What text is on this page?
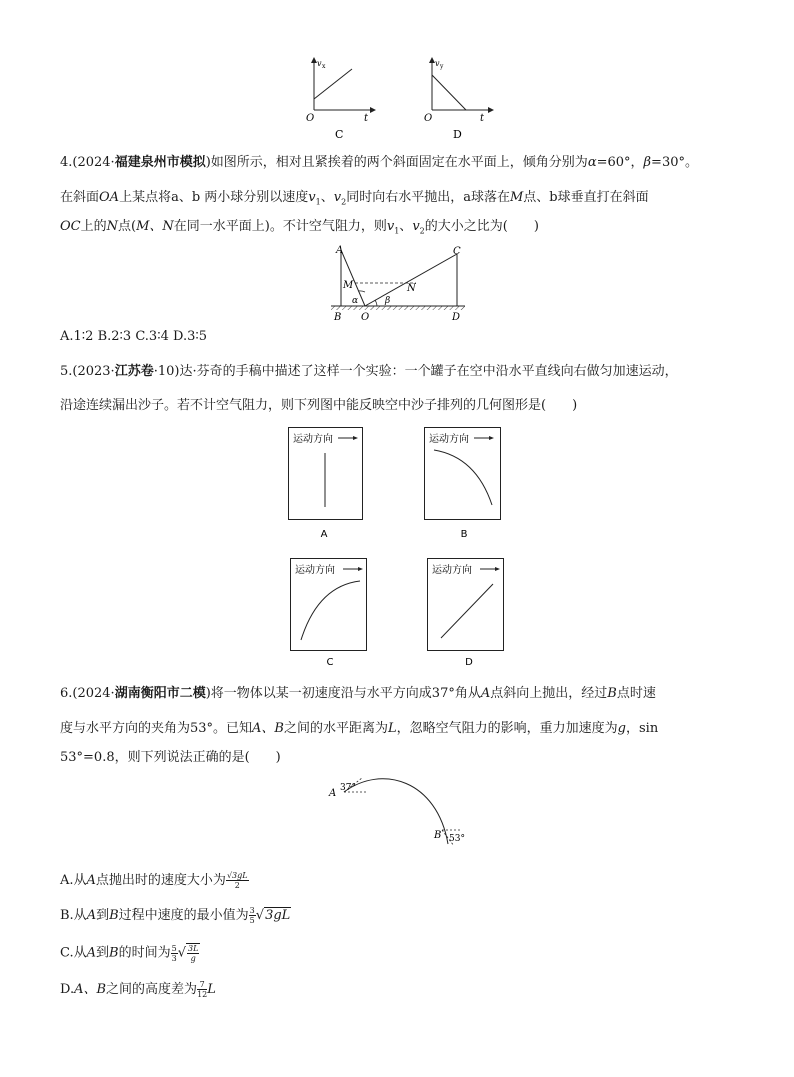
v x
O	t
C
v y
O	t
D
4.(2024·福建泉州市模拟)如图所示，相对且紧挨着的两个斜面固定在水平面上，倾角分别为α=60°，β=30°。
在斜面OA上某点将a、b 两小球分别以速度$v_1$、$v_2$同时向右水平抛出，a球落在M点、b球垂直打在斜面
OC上的N点(M、N在同一水平面上)。不计空气阻力，则$v_1$、$v_2$的大小之比为(　　)
A	C
M	N
α	β
B O	D
A.1∶2 B.2∶3 C.3∶4 D.3∶5
5.(2023·江苏卷·10)达·芬奇的手稿中描述了这样一个实验：一个罐子在空中沿水平直线向右做匀加速运动，
沿途连续漏出沙子。若不计空气阻力，则下列图中能反映空中沙子排列的几何图形是(　　)
运动方向
A
运动方向
B
运动方向
C
运动方向
D
6.(2024·湖南衡阳市二模)将一物体以某一初速度沿与水平方向成37°角从A点斜向上抛出，经过B点时速
度与水平方向的夹角为53°。已知A、B之间的水平距离为L，忽略空气阻力的影响，重力加速度为g，sin
53°=0.8，则下列说法正确的是(　　)
A 37°
B 53°
A.从A点抛出时的速度大小为 $\frac{√3gL}{2}$
B.从A到B过程中速度的最小值为 $\frac{3}{5} √3gL$
C.从A到B的时间为 $\frac{5}{3}$ √ $\frac{3L}{g}$
D.A、B之间的高度差为 $\frac{7}{12}$ L
